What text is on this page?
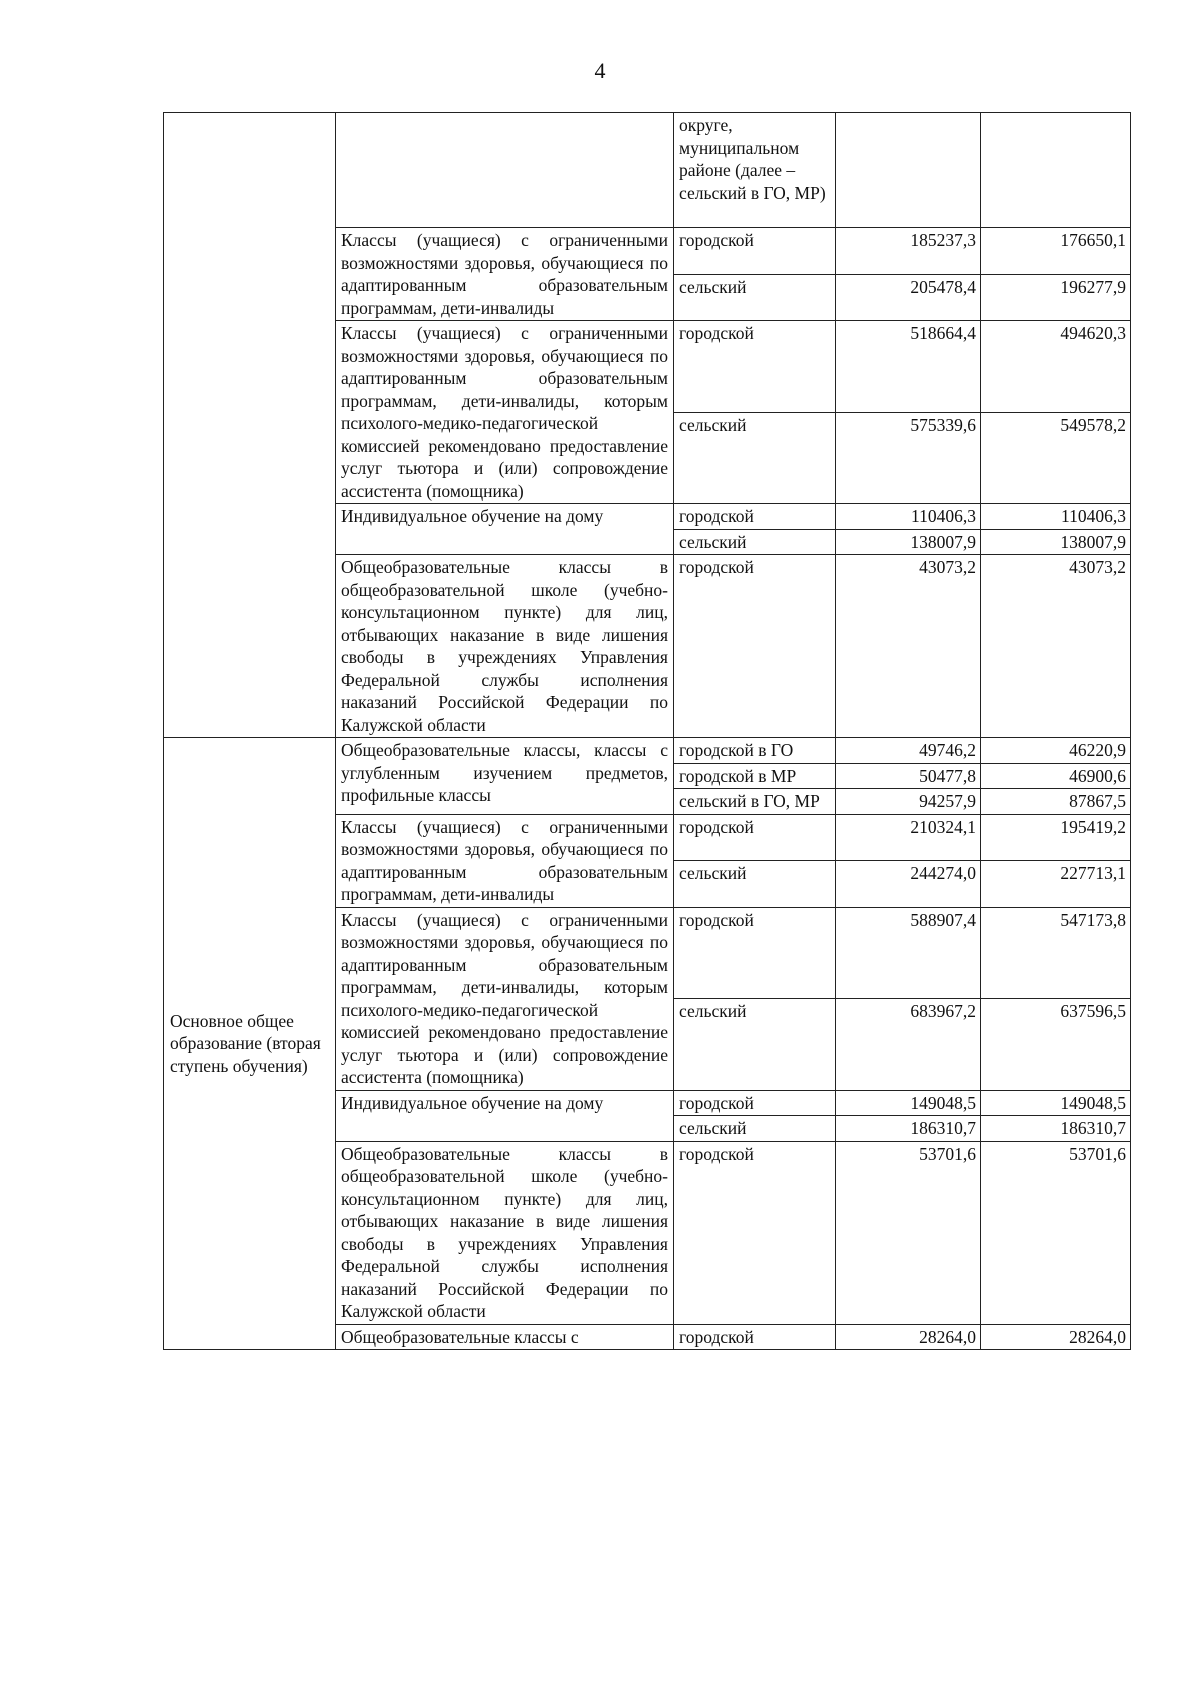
4
		округе, муниципальном районе (далее – сельский в ГО, МР)		
	Классы (учащиеся) с ограниченными возможностями здоровья, обучающиеся по адаптированным образовательным программам, дети-инвалиды	городской	185237,3	176650,1
		сельский	205478,4	196277,9
	Классы (учащиеся) с ограниченными возможностями здоровья, обучающиеся по адаптированным образовательным программам, дети-инвалиды, которым психолого-медико-педагогической комиссией рекомендовано предоставление услуг тьютора и (или) сопровождение ассистента (помощника)	городской	518664,4	494620,3
		сельский	575339,6	549578,2
	Индивидуальное обучение на дому	городской	110406,3	110406,3
		сельский	138007,9	138007,9
	Общеобразовательные классы в общеобразовательной школе (учебно-консультационном пункте) для лиц, отбывающих наказание в виде лишения свободы в учреждениях Управления Федеральной службы исполнения наказаний Российской Федерации по Калужской области	городской	43073,2	43073,2
Основное общее образование (вторая ступень обучения)	Общеобразовательные классы, классы с углубленным изучением предметов, профильные классы	городской в ГО	49746,2	46220,9
		городской в МР	50477,8	46900,6
		сельский в ГО, МР	94257,9	87867,5
	Классы (учащиеся) с ограниченными возможностями здоровья, обучающиеся по адаптированным образовательным программам, дети-инвалиды	городской	210324,1	195419,2
		сельский	244274,0	227713,1
	Классы (учащиеся) с ограниченными возможностями здоровья, обучающиеся по адаптированным образовательным программам, дети-инвалиды, которым психолого-медико-педагогической комиссией рекомендовано предоставление услуг тьютора и (или) сопровождение ассистента (помощника)	городской	588907,4	547173,8
		сельский	683967,2	637596,5
	Индивидуальное обучение на дому	городской	149048,5	149048,5
		сельский	186310,7	186310,7
	Общеобразовательные классы в общеобразовательной школе (учебно-консультационном пункте) для лиц, отбывающих наказание в виде лишения свободы в учреждениях Управления Федеральной службы исполнения наказаний Российской Федерации по Калужской области	городской	53701,6	53701,6
	Общеобразовательные классы с	городской	28264,0	28264,0
